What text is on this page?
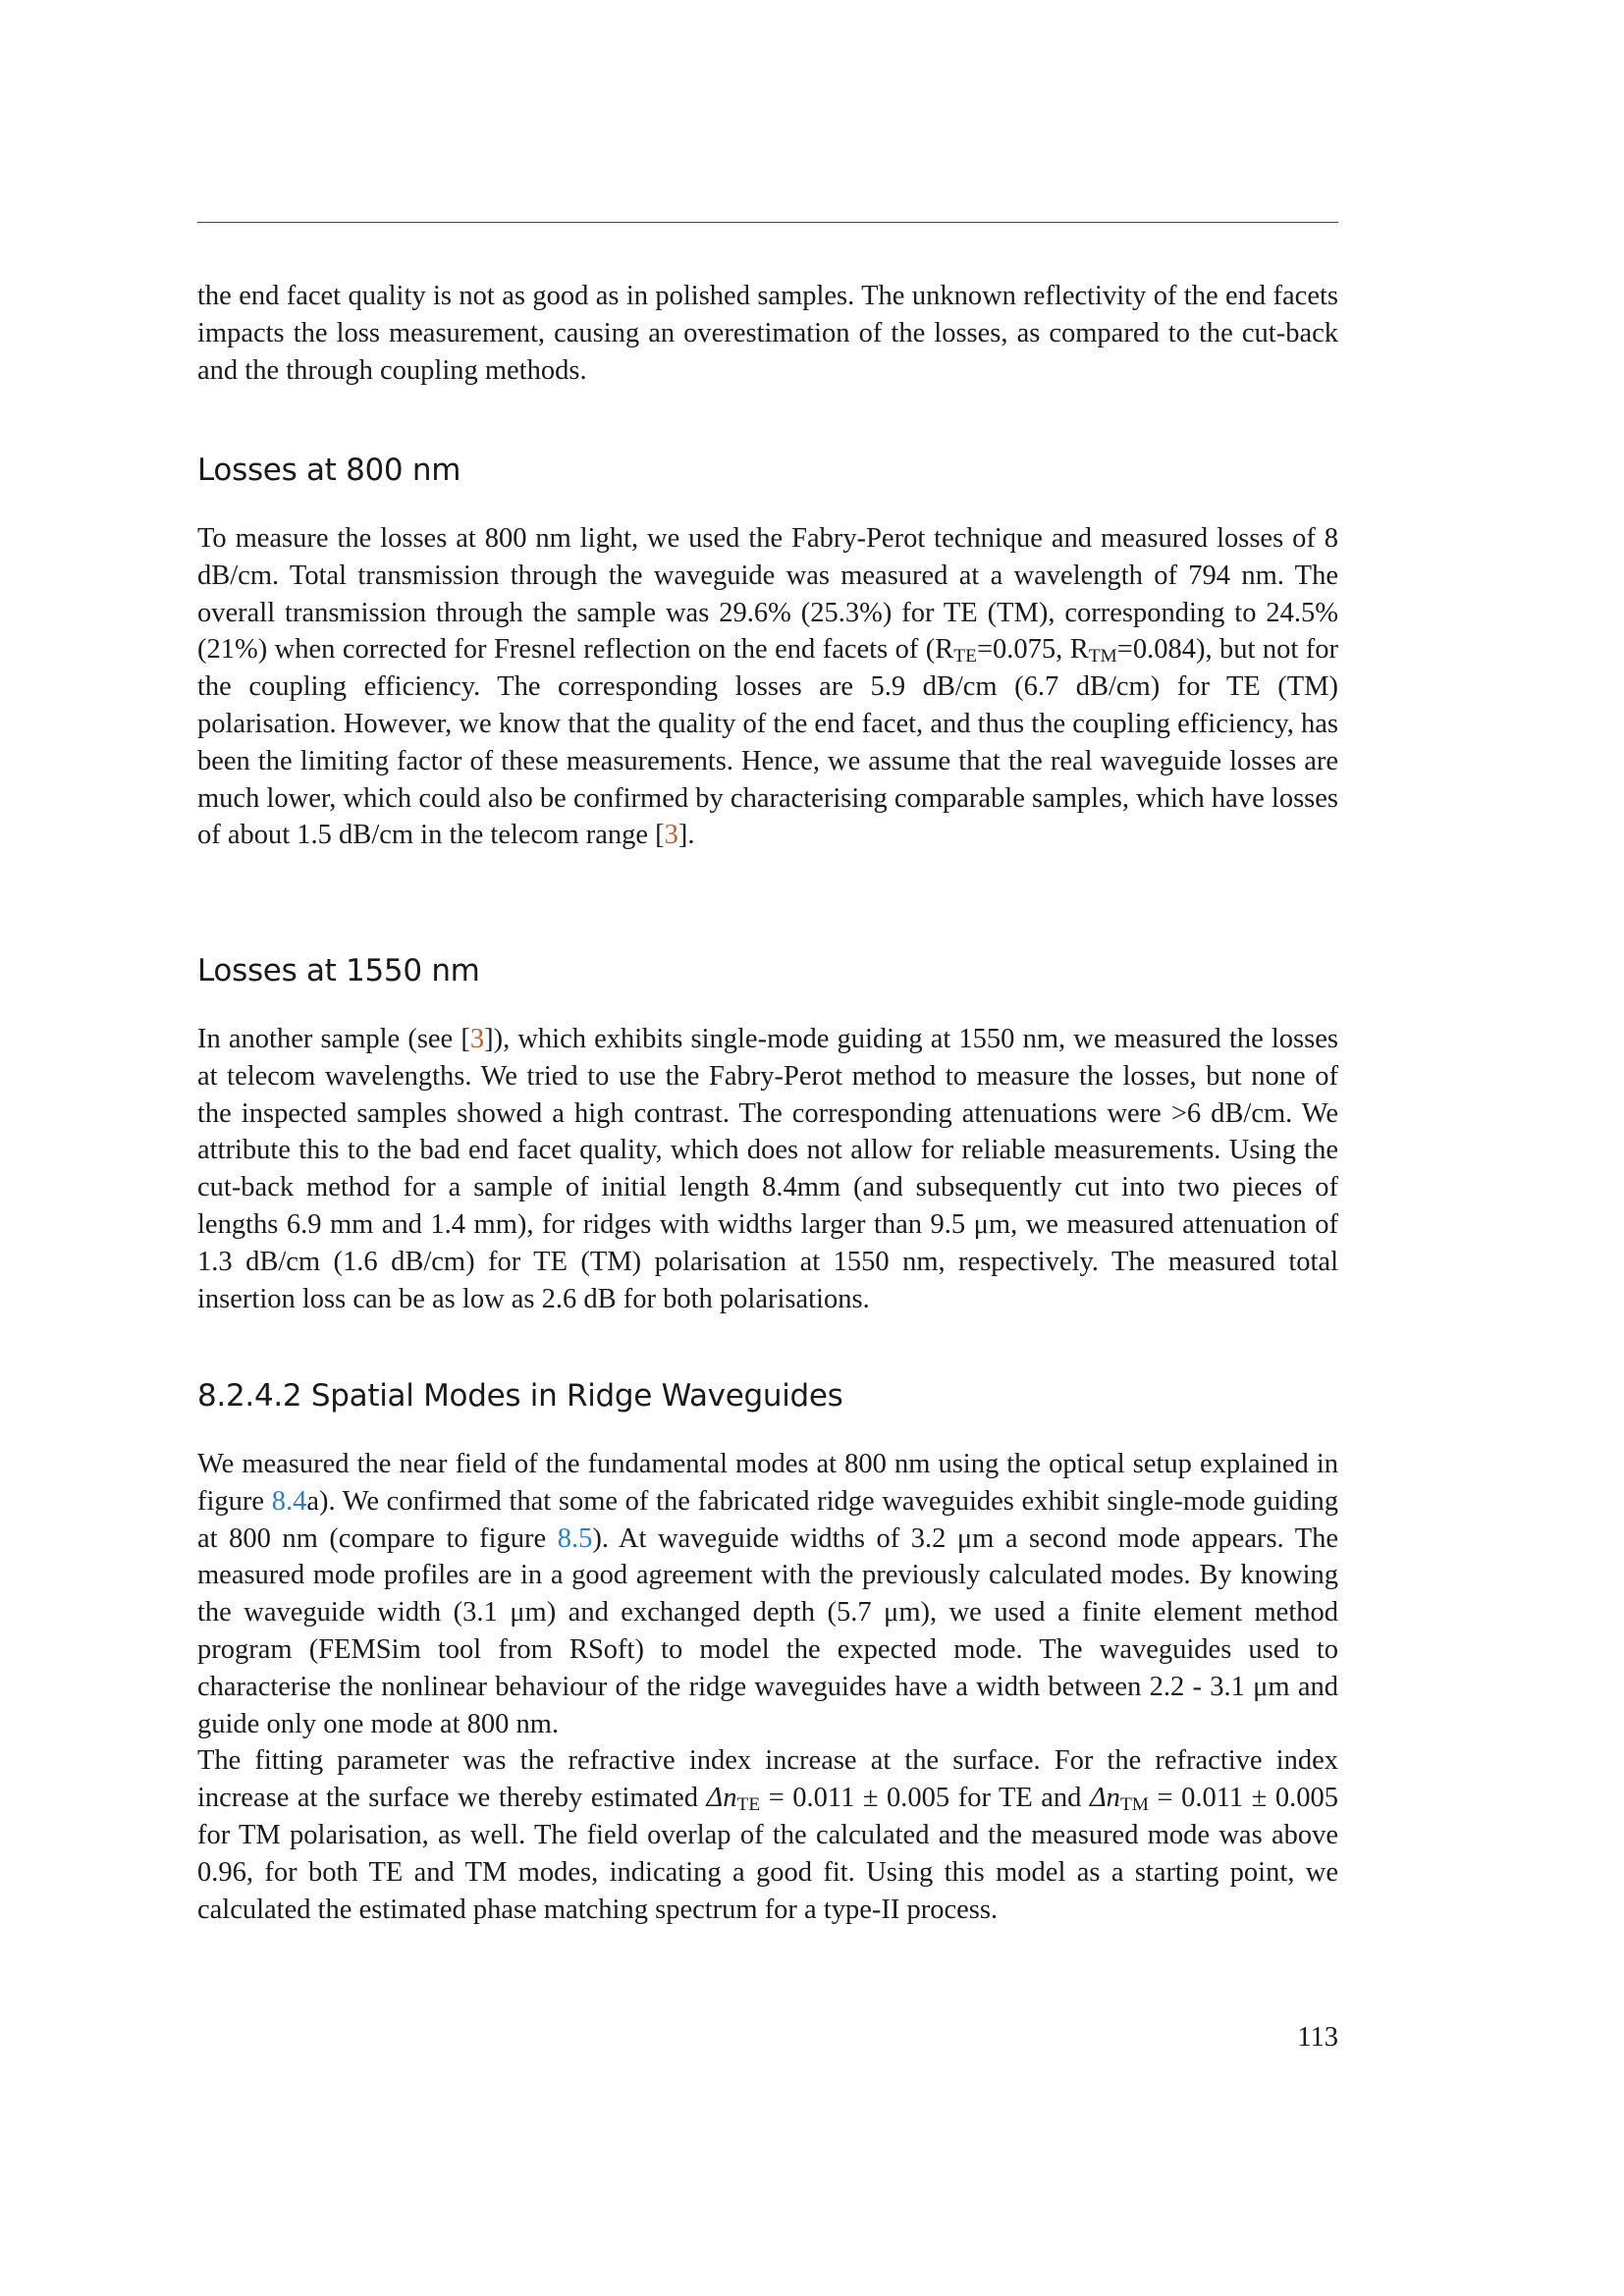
the end facet quality is not as good as in polished samples. The unknown reflectivity of the end facets impacts the loss measurement, causing an overestimation of the losses, as compared to the cut-back and the through coupling methods.

Losses at 800 nm

To measure the losses at 800 nm light, we used the Fabry-Perot technique and measured losses of 8 dB/cm. Total transmission through the waveguide was measured at a wavelength of 794 nm. The overall transmission through the sample was 29.6% (25.3%) for TE (TM), corresponding to 24.5% (21%) when corrected for Fresnel reflection on the end facets of ($R_{TE}=0.075$, $R_{TM}=0.084$), but not for the coupling efficiency. The corresponding losses are 5.9 dB/cm (6.7 dB/cm) for TE (TM) polarisation. However, we know that the quality of the end facet, and thus the coupling efficiency, has been the limiting factor of these measurements. Hence, we assume that the real waveguide losses are much lower, which could also be confirmed by characterising comparable samples, which have losses of about 1.5 dB/cm in the telecom range [3].

Losses at 1550 nm

In another sample (see [3]), which exhibits single-mode guiding at 1550 nm, we measured the losses at telecom wavelengths. We tried to use the Fabry-Perot method to measure the losses, but none of the inspected samples showed a high contrast. The corresponding attenuations were >6 dB/cm. We attribute this to the bad end facet quality, which does not allow for reliable measurements. Using the cut-back method for a sample of initial length 8.4mm (and subsequently cut into two pieces of lengths 6.9 mm and 1.4 mm), for ridges with widths larger than 9.5 μm, we measured attenuation of 1.3 dB/cm (1.6 dB/cm) for TE (TM) polarisation at 1550 nm, respectively. The measured total insertion loss can be as low as 2.6 dB for both polarisations.

8.2.4.2 Spatial Modes in Ridge Waveguides

We measured the near field of the fundamental modes at 800 nm using the optical setup explained in figure 8.4a). We confirmed that some of the fabricated ridge waveguides exhibit single-mode guiding at 800 nm (compare to figure 8.5). At waveguide widths of 3.2 μm a second mode appears. The measured mode profiles are in a good agreement with the previously calculated modes. By knowing the waveguide width (3.1 μm) and exchanged depth (5.7 μm), we used a finite element method program (FEMSim tool from RSoft) to model the expected mode. The waveguides used to characterise the nonlinear behaviour of the ridge waveguides have a width between 2.2 - 3.1 μm and guide only one mode at 800 nm.

The fitting parameter was the refractive index increase at the surface. For the refractive index increase at the surface we thereby estimated $\Delta n_{TE} = 0.011 \pm 0.005$ for TE and $\Delta n_{TM} = 0.011 \pm 0.005$ for TM polarisation, as well. The field overlap of the calculated and the measured mode was above 0.96, for both TE and TM modes, indicating a good fit. Using this model as a starting point, we calculated the estimated phase matching spectrum for a type-II process.

113
